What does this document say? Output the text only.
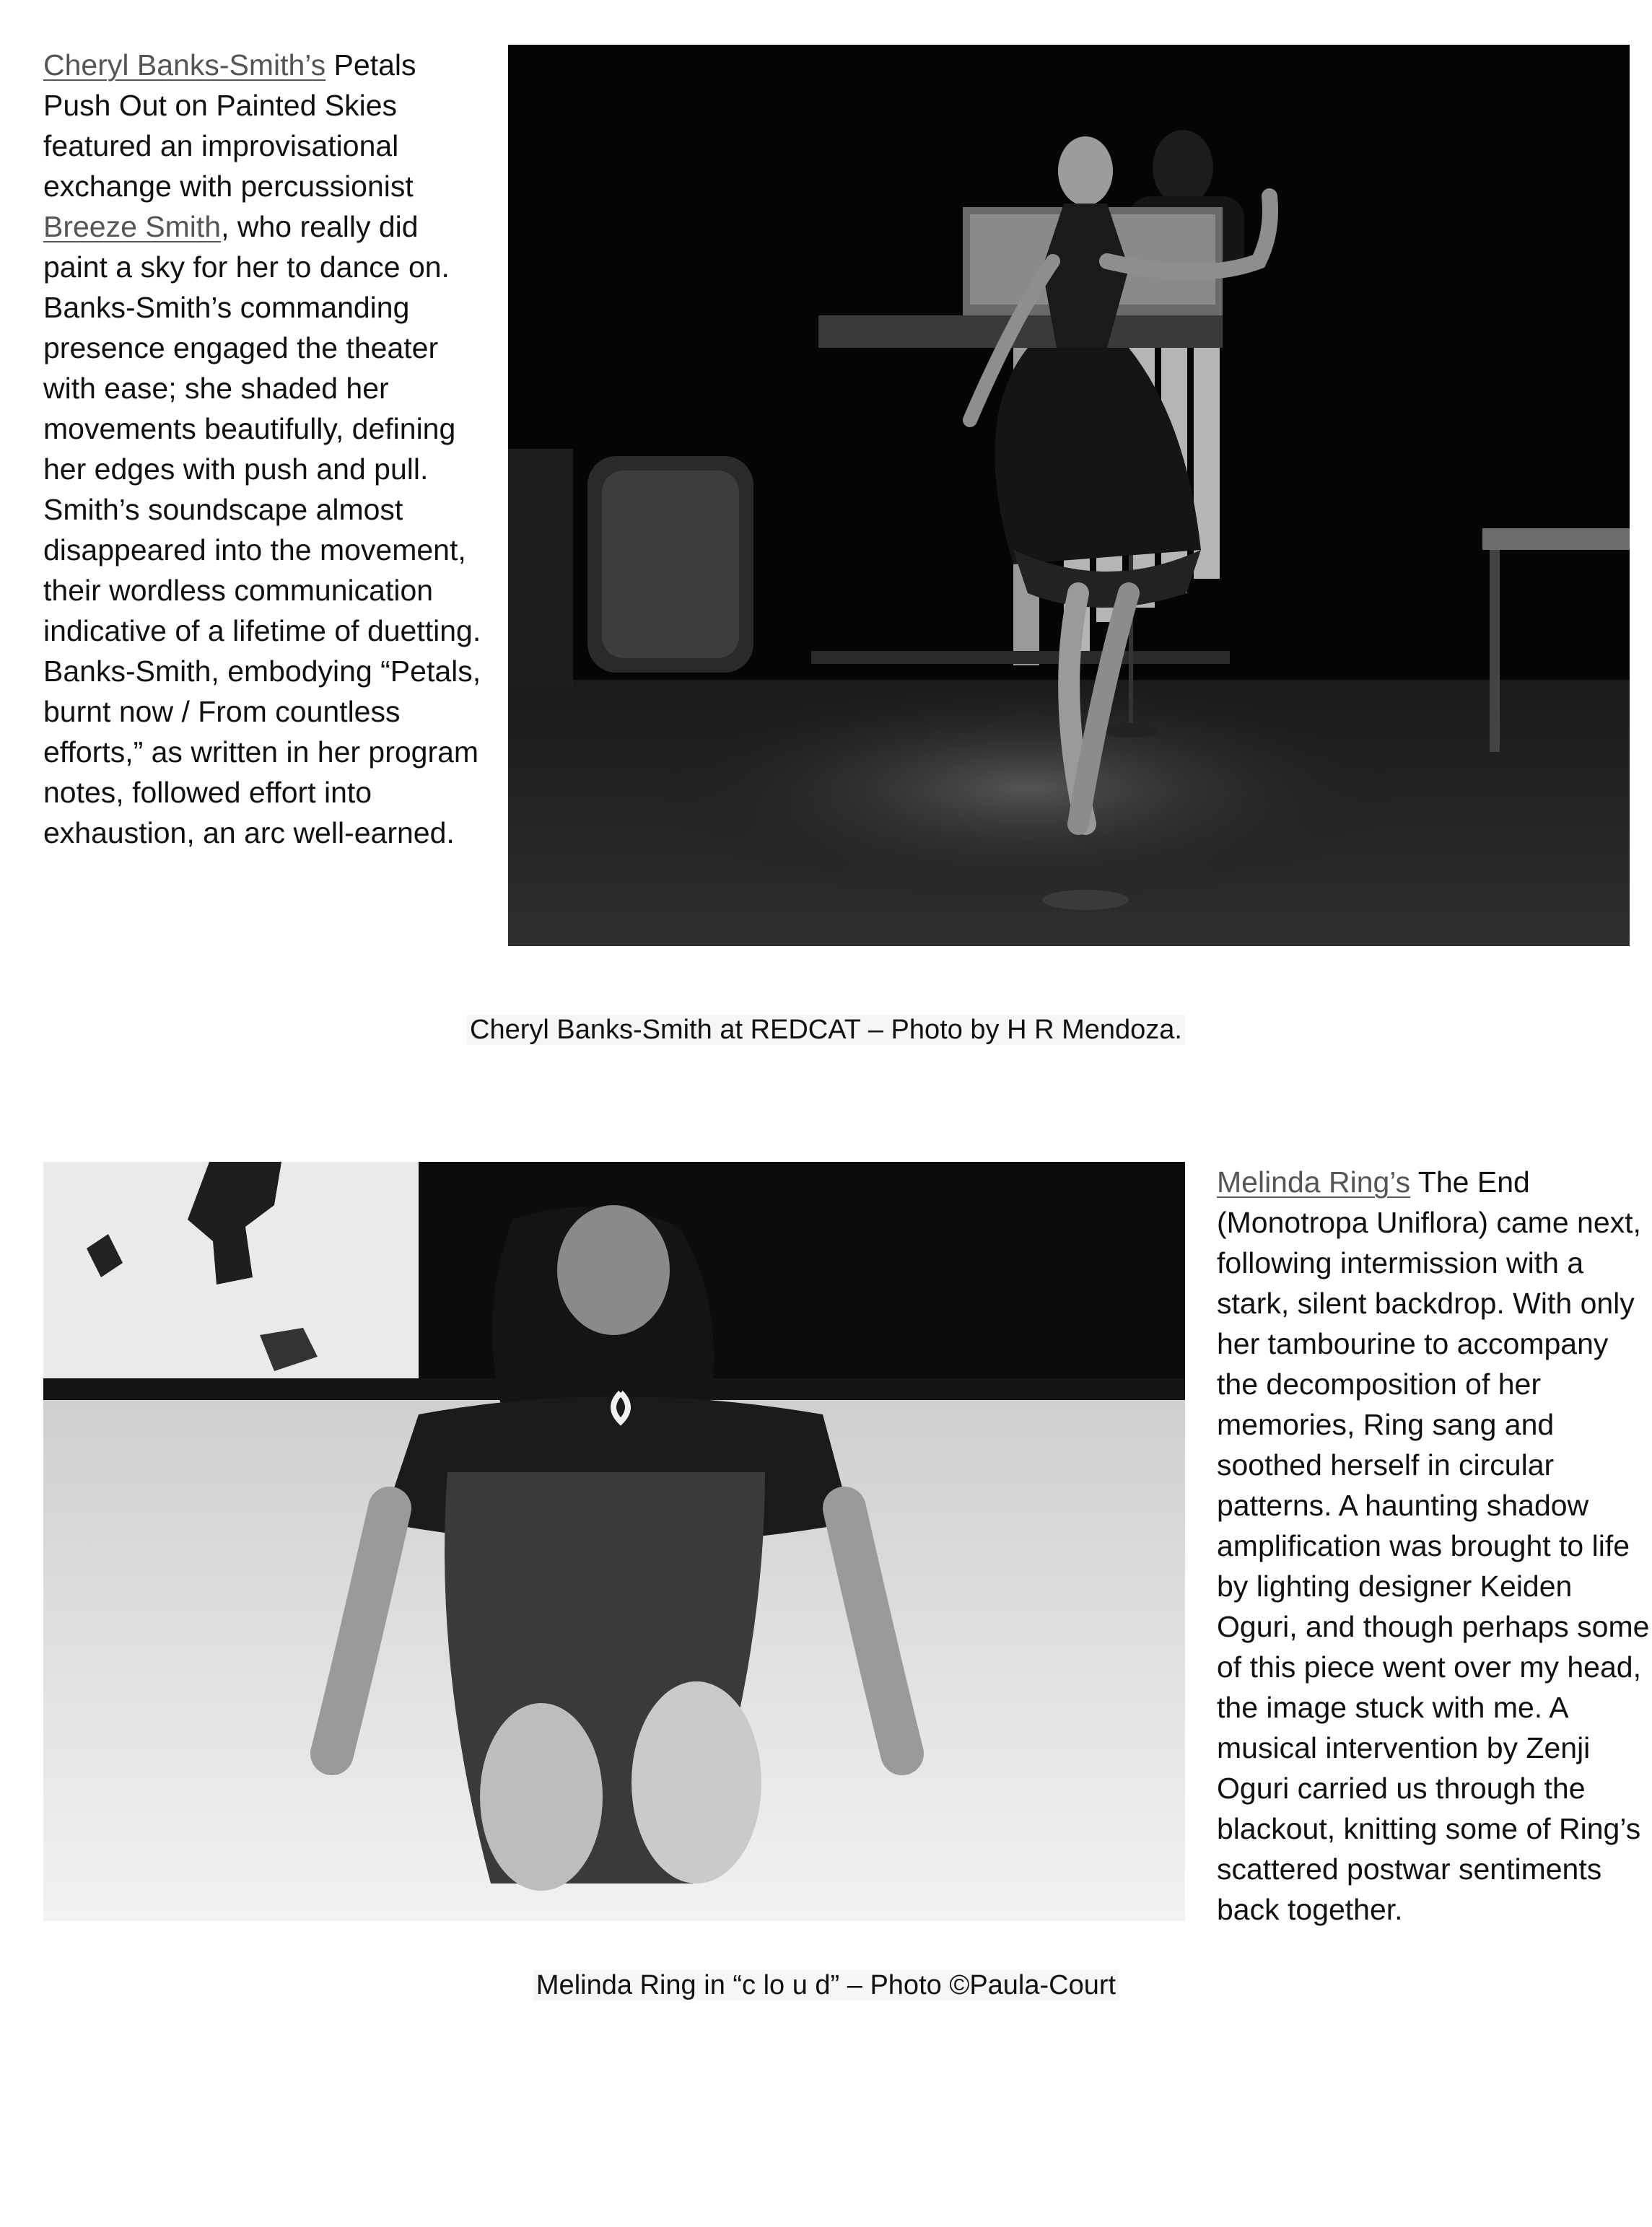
Cheryl Banks-Smith’s Petals Push Out on Painted Skies featured an improvisational exchange with percussionist Breeze Smith, who really did paint a sky for her to dance on. Banks-Smith’s commanding presence engaged the theater with ease; she shaded her movements beautifully, defining her edges with push and pull. Smith’s soundscape almost disappeared into the movement, their wordless communication indicative of a lifetime of duetting. Banks-Smith, embodying “Petals, burnt now / From countless efforts,” as written in her program notes, followed effort into exhaustion, an arc well-earned.
Cheryl Banks-Smith at REDCAT – Photo by H R Mendoza.
Melinda Ring’s The End (Monotropa Uniflora) came next, following intermission with a stark, silent backdrop. With only her tambourine to accompany the decomposition of her memories, Ring sang and soothed herself in circular patterns. A haunting shadow amplification was brought to life by lighting designer Keiden Oguri, and though perhaps some of this piece went over my head, the image stuck with me. A musical intervention by Zenji Oguri carried us through the blackout, knitting some of Ring’s scattered postwar sentiments back together.
Melinda Ring in “c lo u d” – Photo ©Paula-Court
